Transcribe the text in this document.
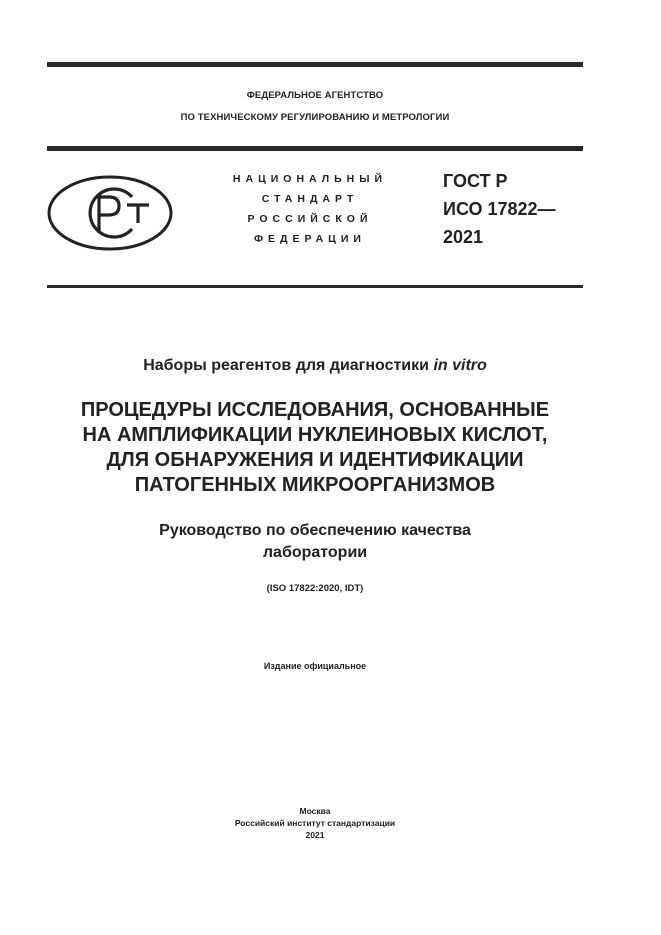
ФЕДЕРАЛЬНОЕ АГЕНТСТВО
ПО ТЕХНИЧЕСКОМУ РЕГУЛИРОВАНИЮ И МЕТРОЛОГИИ
НАЦИОНАЛЬНЫЙ
СТАНДАРТ
РОССИЙСКОЙ
ФЕДЕРАЦИИ
ГОСТ Р
ИСО 17822—
2021
Наборы реагентов для диагностики in vitro
ПРОЦЕДУРЫ ИССЛЕДОВАНИЯ, ОСНОВАННЫЕ
НА АМПЛИФИКАЦИИ НУКЛЕИНОВЫХ КИСЛОТ,
ДЛЯ ОБНАРУЖЕНИЯ И ИДЕНТИФИКАЦИИ
ПАТОГЕННЫХ МИКРООРГАНИЗМОВ
Руководство по обеспечению качества
лаборатории
(ISO 17822:2020, IDT)
Издание официальное
Москва
Российский институт стандартизации
2021
